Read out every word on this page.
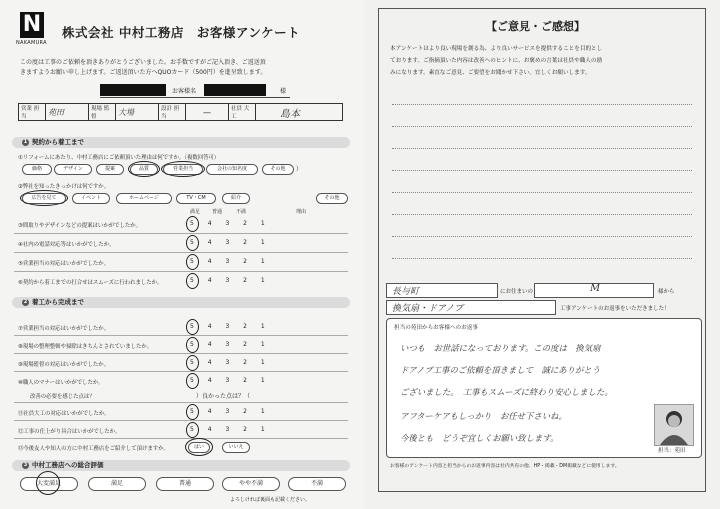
N
NAKAMURA
株式会社 中村工務店　お客様アンケート
この度は工事のご依頼を頂きありがとうございました。お手数ですがご記入頂き、ご返送頂
きますようお願い申し上げます。ご返送頂いた方へQUOカード（500円）を進呈致します。
お客様名	様
営業 担当	苑田	現場 監督	大場	設計 担当	—	社員 大工	島本
1 契約から着工まで
①リフォームにあたり、中村工務店にご依頼頂いた理由は何ですか。（複数回答可）
価格	デザイン	提案	品質	営業担当	会社の知名度	その他	）
②弊社を知ったきっかけは何ですか。
広告を見て	イベント	ホームページ	TV・CM	紹介	その他
満足 普通	不満	理由
③間取りやデザインなどの提案はいかがでしたか。	5 4 3 2 1
④社内の電話対応等はいかがでしたか。	5 4 3 2 1
⑤営業担当の対応はいかがでしたか。	5 4 3 2 1
⑥契約から着工までの打合せはスムーズに行われましたか。	5 4 3 2 1
2 着工から完成まで
⑦営業担当の対応はいかがでしたか。	5 4 3 2 1
⑧現場の整理整頓や掃除はきちんとされていましたか。	5 4 3 2 1
⑨現場監督の対応はいかがでしたか。	5 4 3 2 1
⑩職人のマナーはいかがでしたか。	5 4 3 2 1
改善の必要を感じた点は？	）良かった点は？（
⑪社員大工の対応はいかがでしたか。	5 4 3 2 1
⑫工事の仕上がり具合はいかがでしたか。	5 4 3 2 1
⑬今後友人や知人の方に中村工務店をご紹介して頂けますか。	はい	いいえ
3 中村工務店への総合評価
大変満足	満足	普通	やや不満	不満
よろしければ裏面も記載ください。
【ご意見・ご感想】
本アンケートはより良い現場を創る為、より良いサービスを提供することを目的とし
ております。ご指摘頂いた内容は改善へのヒントに、お褒めの言葉は社員や職人の励
みになります。素直なご意見、ご要望をお聞かせ下さい。宜しくお願いします。
長与町	にお住まいの	M	様から
換気扇・ドアノブ	工事アンケートのお返事をいただきました！
担当の苑田からお客様へのお返事
いつも　お世話になっております。この度は　換気扇
ドアノブ工事のご依頼を頂きまして　誠にありがとう
ございました。　工事もスムーズに終わり安心しました。
アフターケアもしっかり　お任せ下さいね。
今後とも　どうぞ宜しくお願い致します。
担当：苑田
お客様のアンケート内容と担当からのお返事内容は社内共有の他、HP・掲載・DM掲載などに使用します。
